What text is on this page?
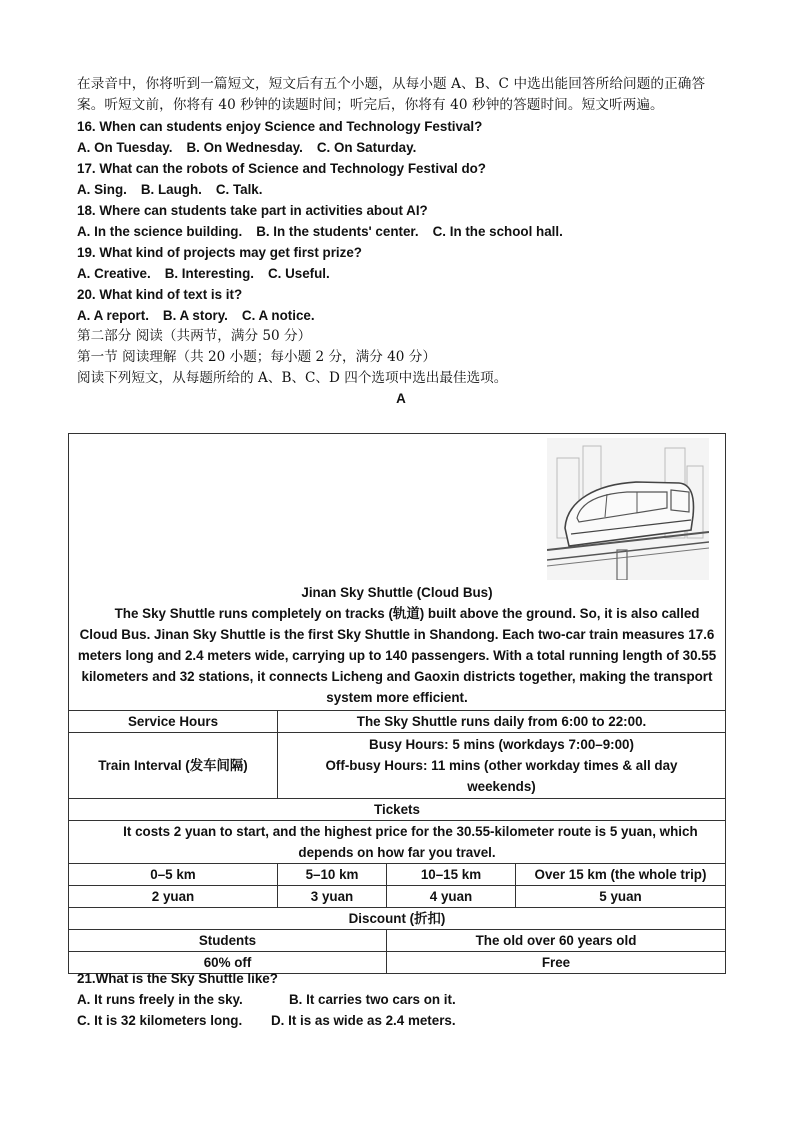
在录音中，你将听到一篇短文，短文后有五个小题，从每小题 A、B、C 中选出能回答所给问题的正确答案。听短文前，你将有 40 秒钟的读题时间；听完后，你将有 40 秒钟的答题时间。短文听两遍。
16. When can students enjoy Science and Technology Festival?
A. On Tuesday. B. On Wednesday. C. On Saturday.
17. What can the robots of Science and Technology Festival do?
A. Sing. B. Laugh. C. Talk.
18. Where can students take part in activities about AI?
A. In the science building. B. In the students' center. C. In the school hall.
19. What kind of projects may get first prize?
A. Creative. B. Interesting. C. Useful.
20. What kind of text is it?
A. A report. B. A story. C. A notice.
第二部分 阅读（共两节，满分 50 分）
第一节 阅读理解（共 20 小题；每小题 2 分，满分 40 分）
阅读下列短文，从每题所给的 A、B、C、D 四个选项中选出最佳选项。
A
Jinan Sky Shuttle (Cloud Bus)
The Sky Shuttle runs completely on tracks (轨道) built above the ground. So, it is also called Cloud Bus. Jinan Sky Shuttle is the first Sky Shuttle in Shandong. Each two-car train measures 17.6 meters long and 2.4 meters wide, carrying up to 140 passengers. With a total running length of 30.55 kilometers and 32 stations, it connects Licheng and Gaoxin districts together, making the transport system more efficient.			

Service Hours	The Sky Shuttle runs daily from 6:00 to 22:00.		
Train Interval (发车间隔)	Busy Hours: 5 mins (workdays 7:00–9:00)
Off-busy Hours: 11 mins (other workday times & all day weekends)		

Tickets			
It costs 2 yuan to start, and the highest price for the 30.55-kilometer route is 5 yuan, which depends on how far you travel.			
0–5 km	5–10 km	10–15 km	Over 15 km (the whole trip)
2 yuan	3 yuan	4 yuan	5 yuan
Discount (折扣)			
Students		The old over 60 years old	
60% off		Free	
21.What is the Sky Shuttle like?
A. It runs freely in the sky.	B. It carries two cars on it.
C. It is 32 kilometers long. D. It is as wide as 2.4 meters.
